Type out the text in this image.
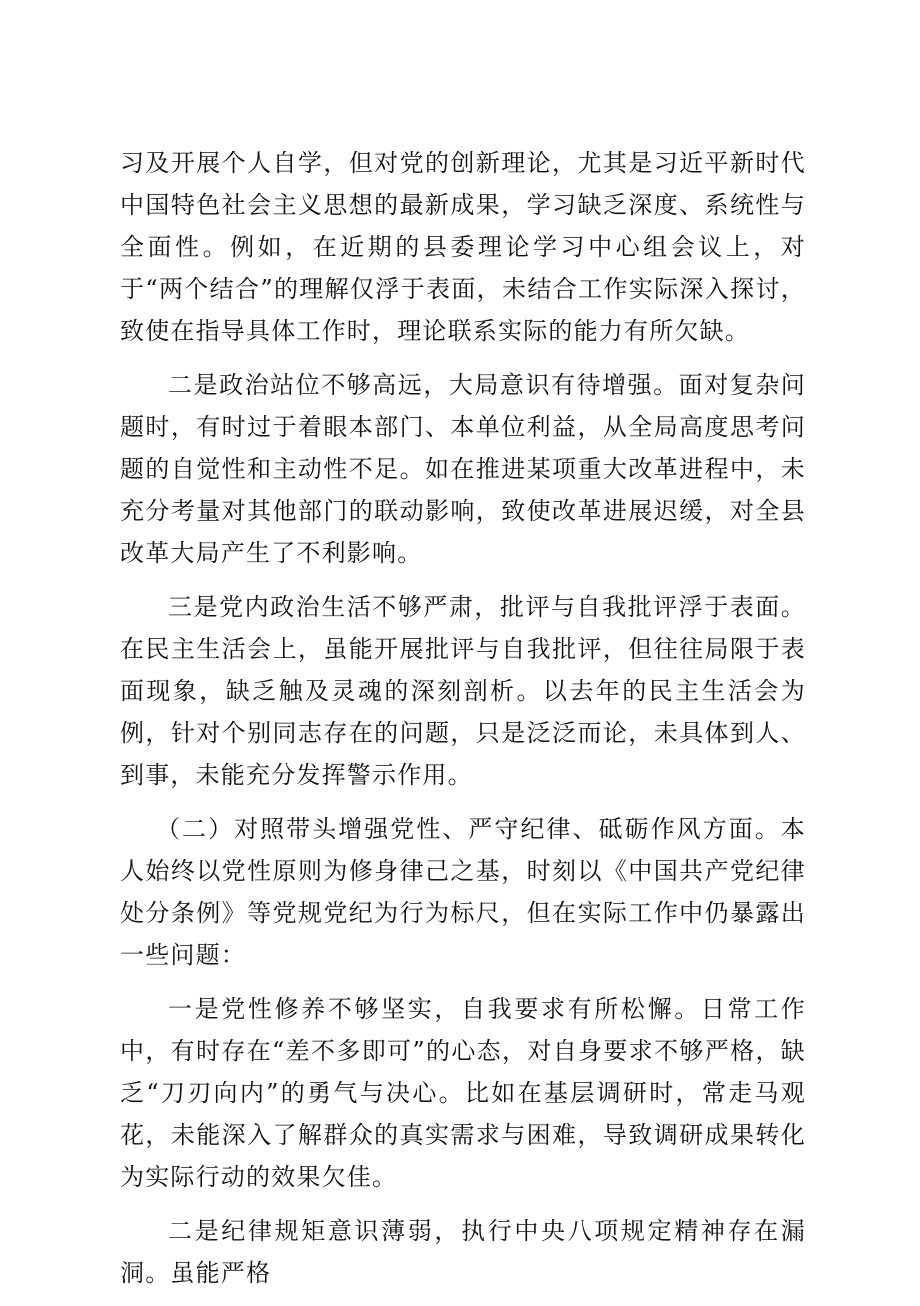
习及开展个人自学，但对党的创新理论，尤其是习近平新时代中国特色社会主义思想的最新成果，学习缺乏深度、系统性与全面性。例如，在近期的县委理论学习中心组会议上，对于“两个结合”的理解仅浮于表面，未结合工作实际深入探讨，致使在指导具体工作时，理论联系实际的能力有所欠缺。

二是政治站位不够高远，大局意识有待增强。面对复杂问题时，有时过于着眼本部门、本单位利益，从全局高度思考问题的自觉性和主动性不足。如在推进某项重大改革进程中，未充分考量对其他部门的联动影响，致使改革进展迟缓，对全县改革大局产生了不利影响。

三是党内政治生活不够严肃，批评与自我批评浮于表面。在民主生活会上，虽能开展批评与自我批评，但往往局限于表面现象，缺乏触及灵魂的深刻剖析。以去年的民主生活会为例，针对个别同志存在的问题，只是泛泛而论，未具体到人、到事，未能充分发挥警示作用。

（二）对照带头增强党性、严守纪律、砥砺作风方面。本人始终以党性原则为修身律己之基，时刻以《中国共产党纪律处分条例》等党规党纪为行为标尺，但在实际工作中仍暴露出一些问题：

一是党性修养不够坚实，自我要求有所松懈。日常工作中，有时存在“差不多即可”的心态，对自身要求不够严格，缺乏“刀刃向内”的勇气与决心。比如在基层调研时，常走马观花，未能深入了解群众的真实需求与困难，导致调研成果转化为实际行动的效果欠佳。

二是纪律规矩意识薄弱，执行中央八项规定精神存在漏洞。虽能严格
